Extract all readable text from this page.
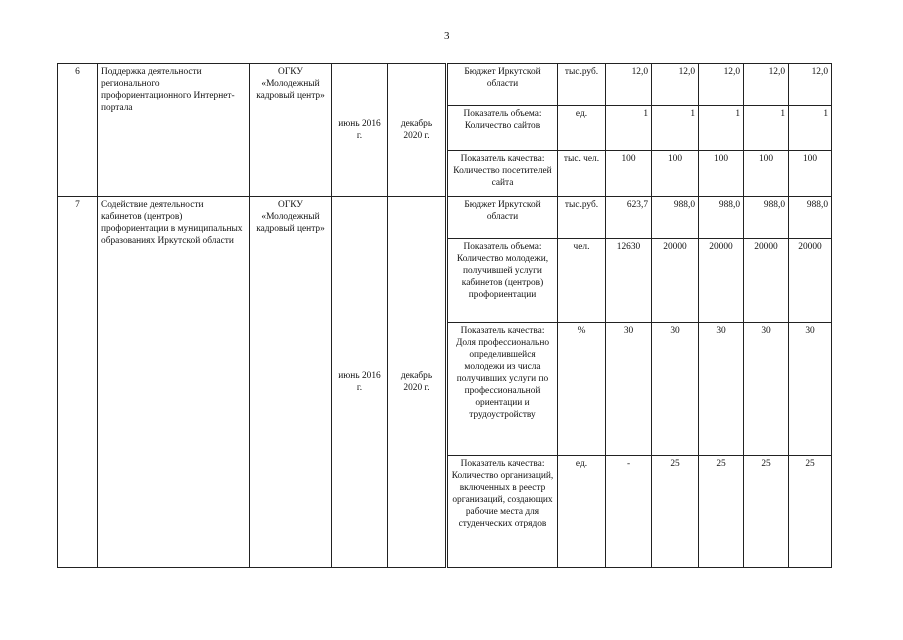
3
6	Поддержка деятельности регионального профориентационного Интернет-портала	ОГКУ «Молодежный кадровый центр»	июнь 2016 г.	декабрь 2020 г.	Бюджет Иркутской области	тыс.руб.	12,0	12,0	12,0	12,0	12,0
					Показатель объема: Количество сайтов	ед.	1	1	1	1	1
					Показатель качества: Количество посетителей сайта	тыс. чел.	100	100	100	100	100
7	Содействие деятельности кабинетов (центров) профориентации в муниципальных образованиях Иркутской области	ОГКУ «Молодежный кадровый центр»	июнь 2016 г.	декабрь 2020 г.	Бюджет Иркутской области	тыс.руб.	623,7	988,0	988,0	988,0	988,0
					Показатель объема: Количество молодежи, получившей услуги кабинетов (центров) профориентации	чел.	12630	20000	20000	20000	20000
					Показатель качества: Доля профессионально определившейся молодежи из числа получивших услуги по профессиональной ориентации и трудоустройству	%	30	30	30	30	30
					Показатель качества: Количество организаций, включенных в реестр организаций, создающих рабочие места для студенческих отрядов	ед.	-	25	25	25	25
